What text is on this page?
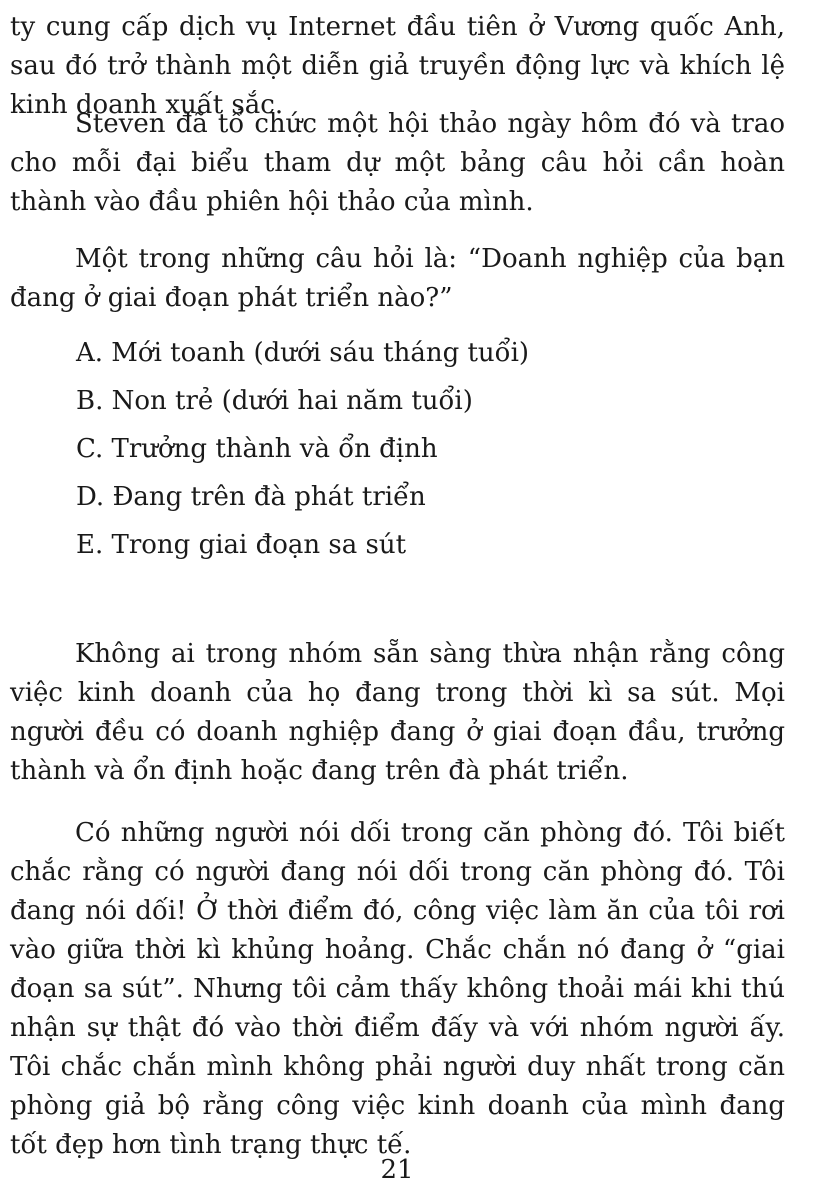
ty cung cấp dịch vụ Internet đầu tiên ở Vương quốc Anh, sau đó trở thành một diễn giả truyền động lực và khích lệ kinh doanh xuất sắc.

Steven đã tổ chức một hội thảo ngày hôm đó và trao cho mỗi đại biểu tham dự một bảng câu hỏi cần hoàn thành vào đầu phiên hội thảo của mình.

Một trong những câu hỏi là: “Doanh nghiệp của bạn đang ở giai đoạn phát triển nào?”

A. Mới toanh (dưới sáu tháng tuổi)

B. Non trẻ (dưới hai năm tuổi)

C. Trưởng thành và ổn định

D. Đang trên đà phát triển

E. Trong giai đoạn sa sút

Không ai trong nhóm sẵn sàng thừa nhận rằng công việc kinh doanh của họ đang trong thời kì sa sút. Mọi người đều có doanh nghiệp đang ở giai đoạn đầu, trưởng thành và ổn định hoặc đang trên đà phát triển.

Có những người nói dối trong căn phòng đó. Tôi biết chắc rằng có người đang nói dối trong căn phòng đó. Tôi đang nói dối! Ở thời điểm đó, công việc làm ăn của tôi rơi vào giữa thời kì khủng hoảng. Chắc chắn nó đang ở “giai đoạn sa sút”. Nhưng tôi cảm thấy không thoải mái khi thú nhận sự thật đó vào thời điểm đấy và với nhóm người ấy. Tôi chắc chắn mình không phải người duy nhất trong căn phòng giả bộ rằng công việc kinh doanh của mình đang tốt đẹp hơn tình trạng thực tế.

21
